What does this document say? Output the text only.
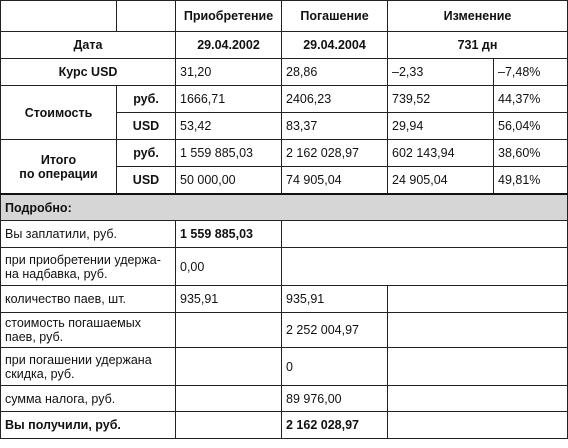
		Приобретение	Погашение	Изменение	
Дата		29.04.2002	29.04.2004	731 дн	
Курс USD		31,20	28,86	–2,33	–7,48%
Стоимость	руб.	1666,71	2406,23	739,52	44,37%
	USD	53,42	83,37	29,94	56,04%
Итого
по операции	руб.	1 559 885,03	2 162 028,97	602 143,94	38,60%
	USD	50 000,00	74 905,04	24 905,04	49,81%
Подробно:					
Вы заплатили, руб.		1 559 885,03			
при приобретении удержа-на надбавка, руб.		0,00			
количество паев, шт.		935,91	935,91		
стоимость погашаемых паев, руб.			2 252 004,97		
при погашении удержана скидка, руб.			0		
сумма налога, руб.			89 976,00		
Вы получили, руб.			2 162 028,97		
